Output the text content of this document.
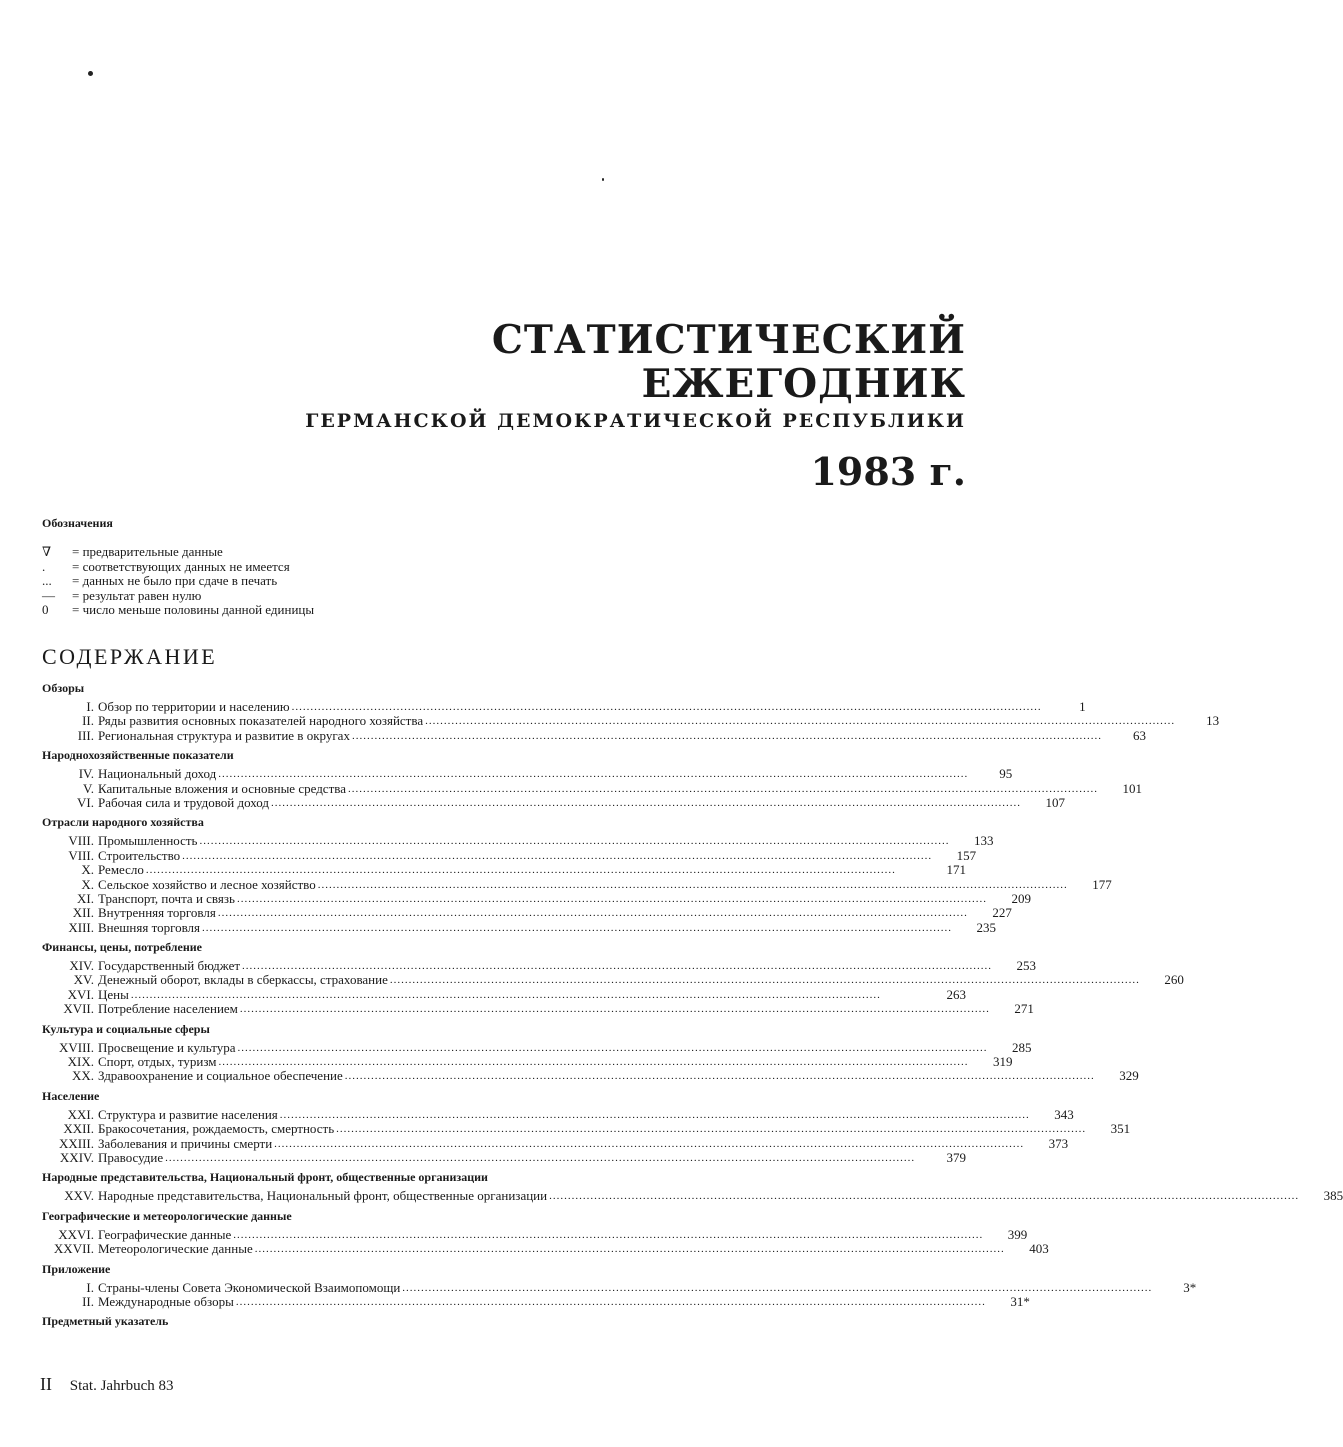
СТАТИСТИЧЕСКИЙ
ЕЖЕГОДНИК
ГЕРМАНСКОЙ ДЕМОКРАТИЧЕСКОЙ РЕСПУБЛИКИ
1983 г.
Обозначения
∇	= предварительные данные
.	= соответствующих данных не имеется
...	= данных не было при сдаче в печать
—	= результат равен нулю
0	= число меньше половины данной единицы
СОДЕРЖАНИЕ
Обзоры
I. Обзор по территории и населению ........................................................................................................................................................................................................	1
II. Ряды развития основных показателей народного хозяйства ........................................................................................................................................................................................................	13
III. Региональная структура и развитие в округах ........................................................................................................................................................................................................	63
Народнохозяйственные показатели
IV. Национальный доход ........................................................................................................................................................................................................	95
V. Капитальные вложения и основные средства ........................................................................................................................................................................................................	101
VI. Рабочая сила и трудовой доход ........................................................................................................................................................................................................	107
Отрасли народного хозяйства
VIII. Промышленность ........................................................................................................................................................................................................	133
VIII. Строительство ........................................................................................................................................................................................................	157
X. Ремесло ........................................................................................................................................................................................................	171
X. Сельское хозяйство и лесное хозяйство ........................................................................................................................................................................................................	177
XI. Транспорт, почта и связь ........................................................................................................................................................................................................	209
XII. Внутренняя торговля ........................................................................................................................................................................................................	227
XIII. Внешняя торговля ........................................................................................................................................................................................................	235
Финансы, цены, потребление
XIV. Государственный бюджет ........................................................................................................................................................................................................	253
XV. Денежный оборот, вклады в сберкассы, страхование ........................................................................................................................................................................................................	260
XVI. Цены ........................................................................................................................................................................................................	263
XVII. Потребление населением ........................................................................................................................................................................................................	271
Культура и социальные сферы
XVIII. Просвещение и культура ........................................................................................................................................................................................................	285
XIX. Спорт, отдых, туризм ........................................................................................................................................................................................................	319
XX. Здравоохранение и социальное обеспечение ........................................................................................................................................................................................................	329
Население
XXI. Структура и развитие населения ........................................................................................................................................................................................................	343
XXII. Бракосочетания, рождаемость, смертность ........................................................................................................................................................................................................	351
XXIII. Заболевания и причины смерти ........................................................................................................................................................................................................	373
XXIV. Правосудие ........................................................................................................................................................................................................	379
Народные представительства, Национальный фронт, общественные организации
XXV. Народные представительства, Национальный фронт, общественные организации ........................................................................................................................................................................................................	385
Географические и метеорологические данные
XXVI. Географические данные ........................................................................................................................................................................................................	399
XXVII. Метеорологические данные ........................................................................................................................................................................................................	403
Приложение
I. Страны-члены Совета Экономической Взаимопомощи ........................................................................................................................................................................................................	3*
II. Международные обзоры ........................................................................................................................................................................................................	31*
Предметный указатель
II Stat. Jahrbuch 83
